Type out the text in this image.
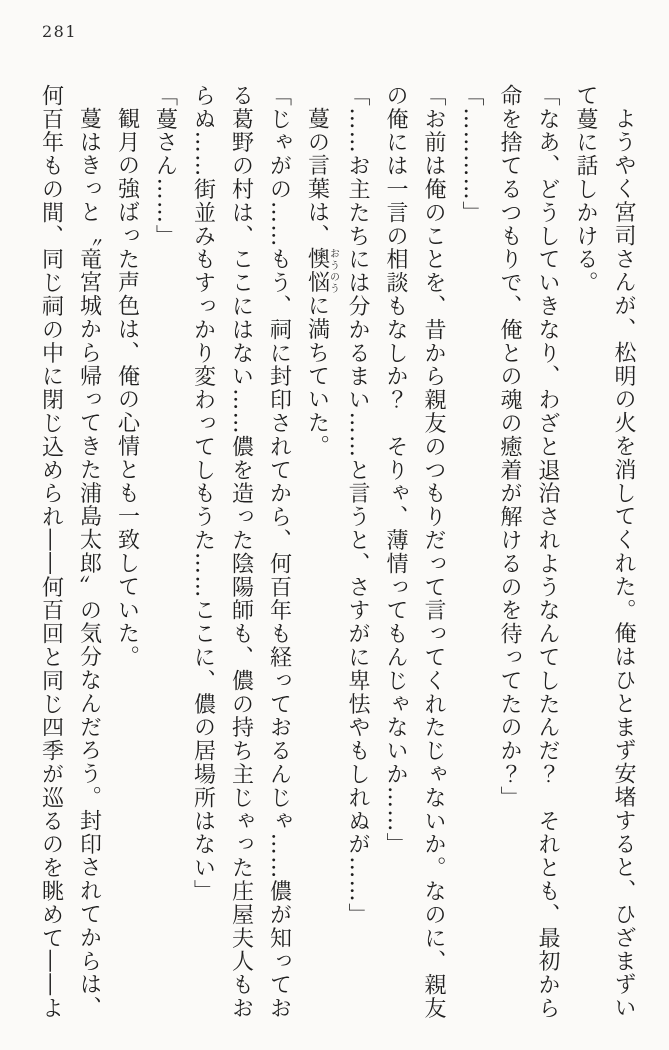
281

ようやく宮司さんが、松明の火を消してくれた。俺はひとまず安堵すると、ひざまずいて蔓に話しかける。

「なあ、どうしていきなり、わざと退治されようなんてしたんだ？　それとも、最初から命を捨てるつもりで、俺との魂の癒着が解けるのを待ってたのか？」

「…………」

「お前は俺のことを、昔から親友のつもりだって言ってくれたじゃないか。なのに、親友の俺には一言の相談もなしか？　そりゃ、薄情ってもんじゃないか……」

「……お主たちには分かるまい……と言うと、さすがに卑怯やもしれぬが……」

蔓の言葉は、懊悩おうのうに満ちていた。

「じゃがの……もう、祠に封印されてから、何百年も経っておるんじゃ……儂が知っておる葛野の村は、ここにはない……儂を造った陰陽師も、儂の持ち主じゃった庄屋夫人もおらぬ……街並みもすっかり変わってしもうた……ここに、儂の居場所はない」

「蔓さん……」

観月の強ばった声色は、俺の心情とも一致していた。

蔓はきっと〝竜宮城から帰ってきた浦島太郎〟の気分なんだろう。封印されてからは、何百年もの間、同じ祠の中に閉じ込められ――何百回と同じ四季が巡るのを眺めて――よ
